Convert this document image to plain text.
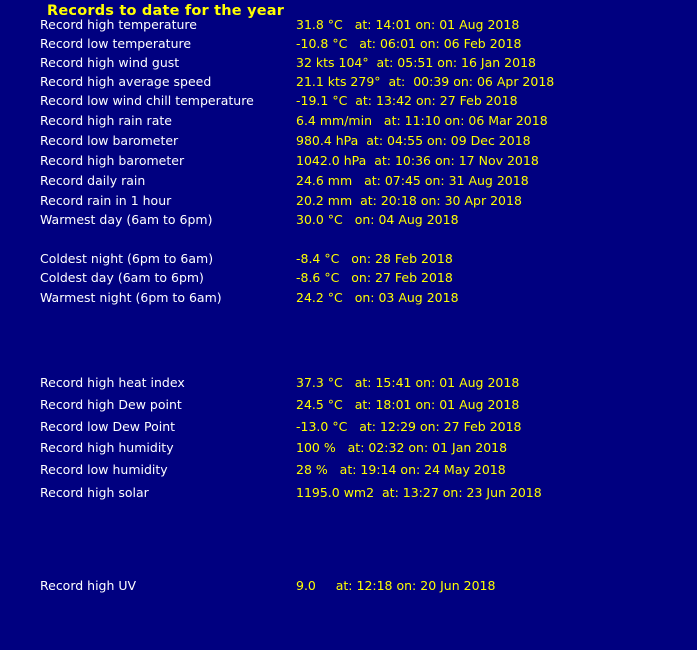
Records to date for the year
Record high temperature	31.8 °C   at: 14:01 on: 01 Aug 2018
Record low temperature	-10.8 °C   at: 06:01 on: 06 Feb 2018
Record high wind gust	32 kts 104°  at: 05:51 on: 16 Jan 2018
Record high average speed	21.1 kts 279°  at:  00:39 on: 06 Apr 2018
Record low wind chill temperature	-19.1 °C  at: 13:42 on: 27 Feb 2018
Record high rain rate	6.4 mm/min   at: 11:10 on: 06 Mar 2018
Record low barometer	980.4 hPa  at: 04:55 on: 09 Dec 2018
Record high barometer	1042.0 hPa  at: 10:36 on: 17 Nov 2018
Record daily rain	24.6 mm   at: 07:45 on: 31 Aug 2018
Record rain in 1 hour	20.2 mm  at: 20:18 on: 30 Apr 2018
Warmest day (6am to 6pm)	30.0 °C   on: 04 Aug 2018
Coldest night (6pm to 6am)	-8.4 °C   on: 28 Feb 2018
Coldest day (6am to 6pm)	-8.6 °C   on: 27 Feb 2018
Warmest night (6pm to 6am)	24.2 °C   on: 03 Aug 2018
Record high heat index	37.3 °C   at: 15:41 on: 01 Aug 2018
Record high Dew point	24.5 °C   at: 18:01 on: 01 Aug 2018
Record low Dew Point	-13.0 °C   at: 12:29 on: 27 Feb 2018
Record high humidity	100 %   at: 02:32 on: 01 Jan 2018
Record low humidity	28 %   at: 19:14 on: 24 May 2018
Record high solar	1195.0 wm2  at: 13:27 on: 23 Jun 2018
Record high UV	9.0     at: 12:18 on: 20 Jun 2018
